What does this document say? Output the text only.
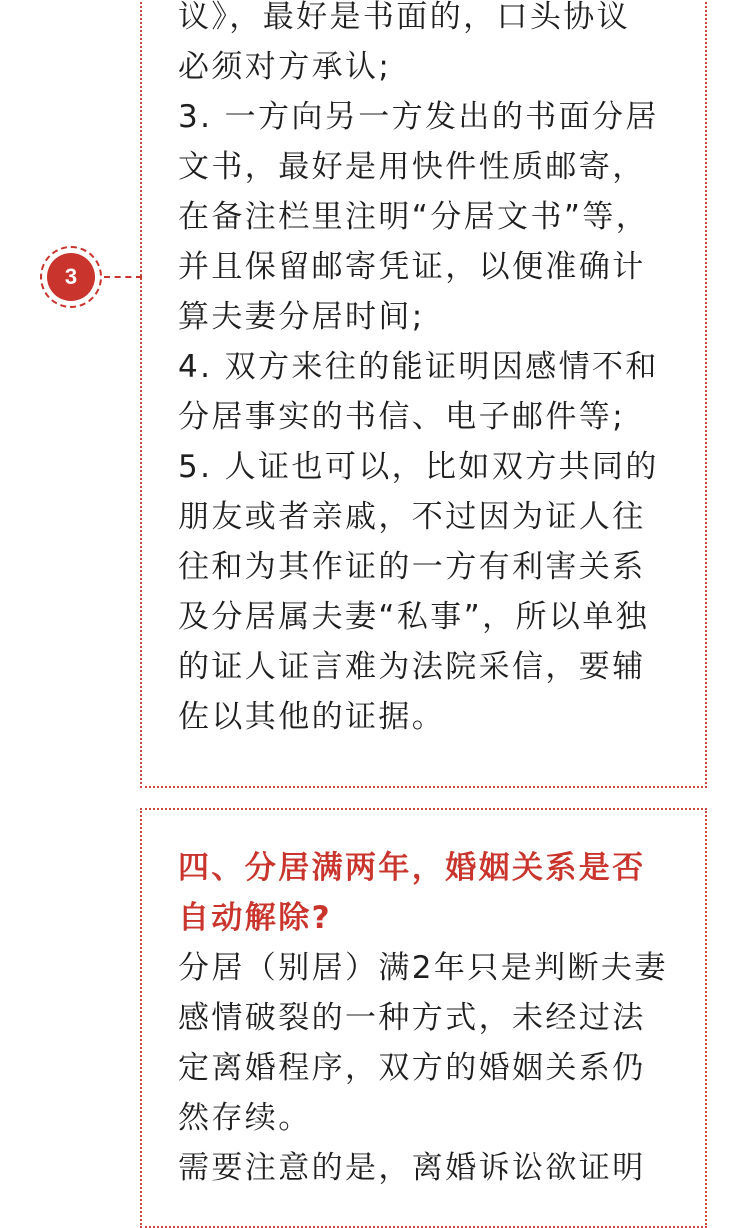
3
议》，最好是书面的，口头协议
必须对方承认;
3. 一方向另一方发出的书面分居
文书，最好是用快件性质邮寄，
在备注栏里注明“分居文书”等，
并且保留邮寄凭证，以便准确计
算夫妻分居时间;
4. 双方来往的能证明因感情不和
分居事实的书信、电子邮件等;
5. 人证也可以，比如双方共同的
朋友或者亲戚，不过因为证人往
往和为其作证的一方有利害关系
及分居属夫妻“私事”，所以单独
的证人证言难为法院采信，要辅
佐以其他的证据。
四、分居满两年，婚姻关系是否
自动解除?
分居（别居）满2年只是判断夫妻
感情破裂的一种方式，未经过法
定离婚程序，双方的婚姻关系仍
然存续。
需要注意的是，离婚诉讼欲证明
